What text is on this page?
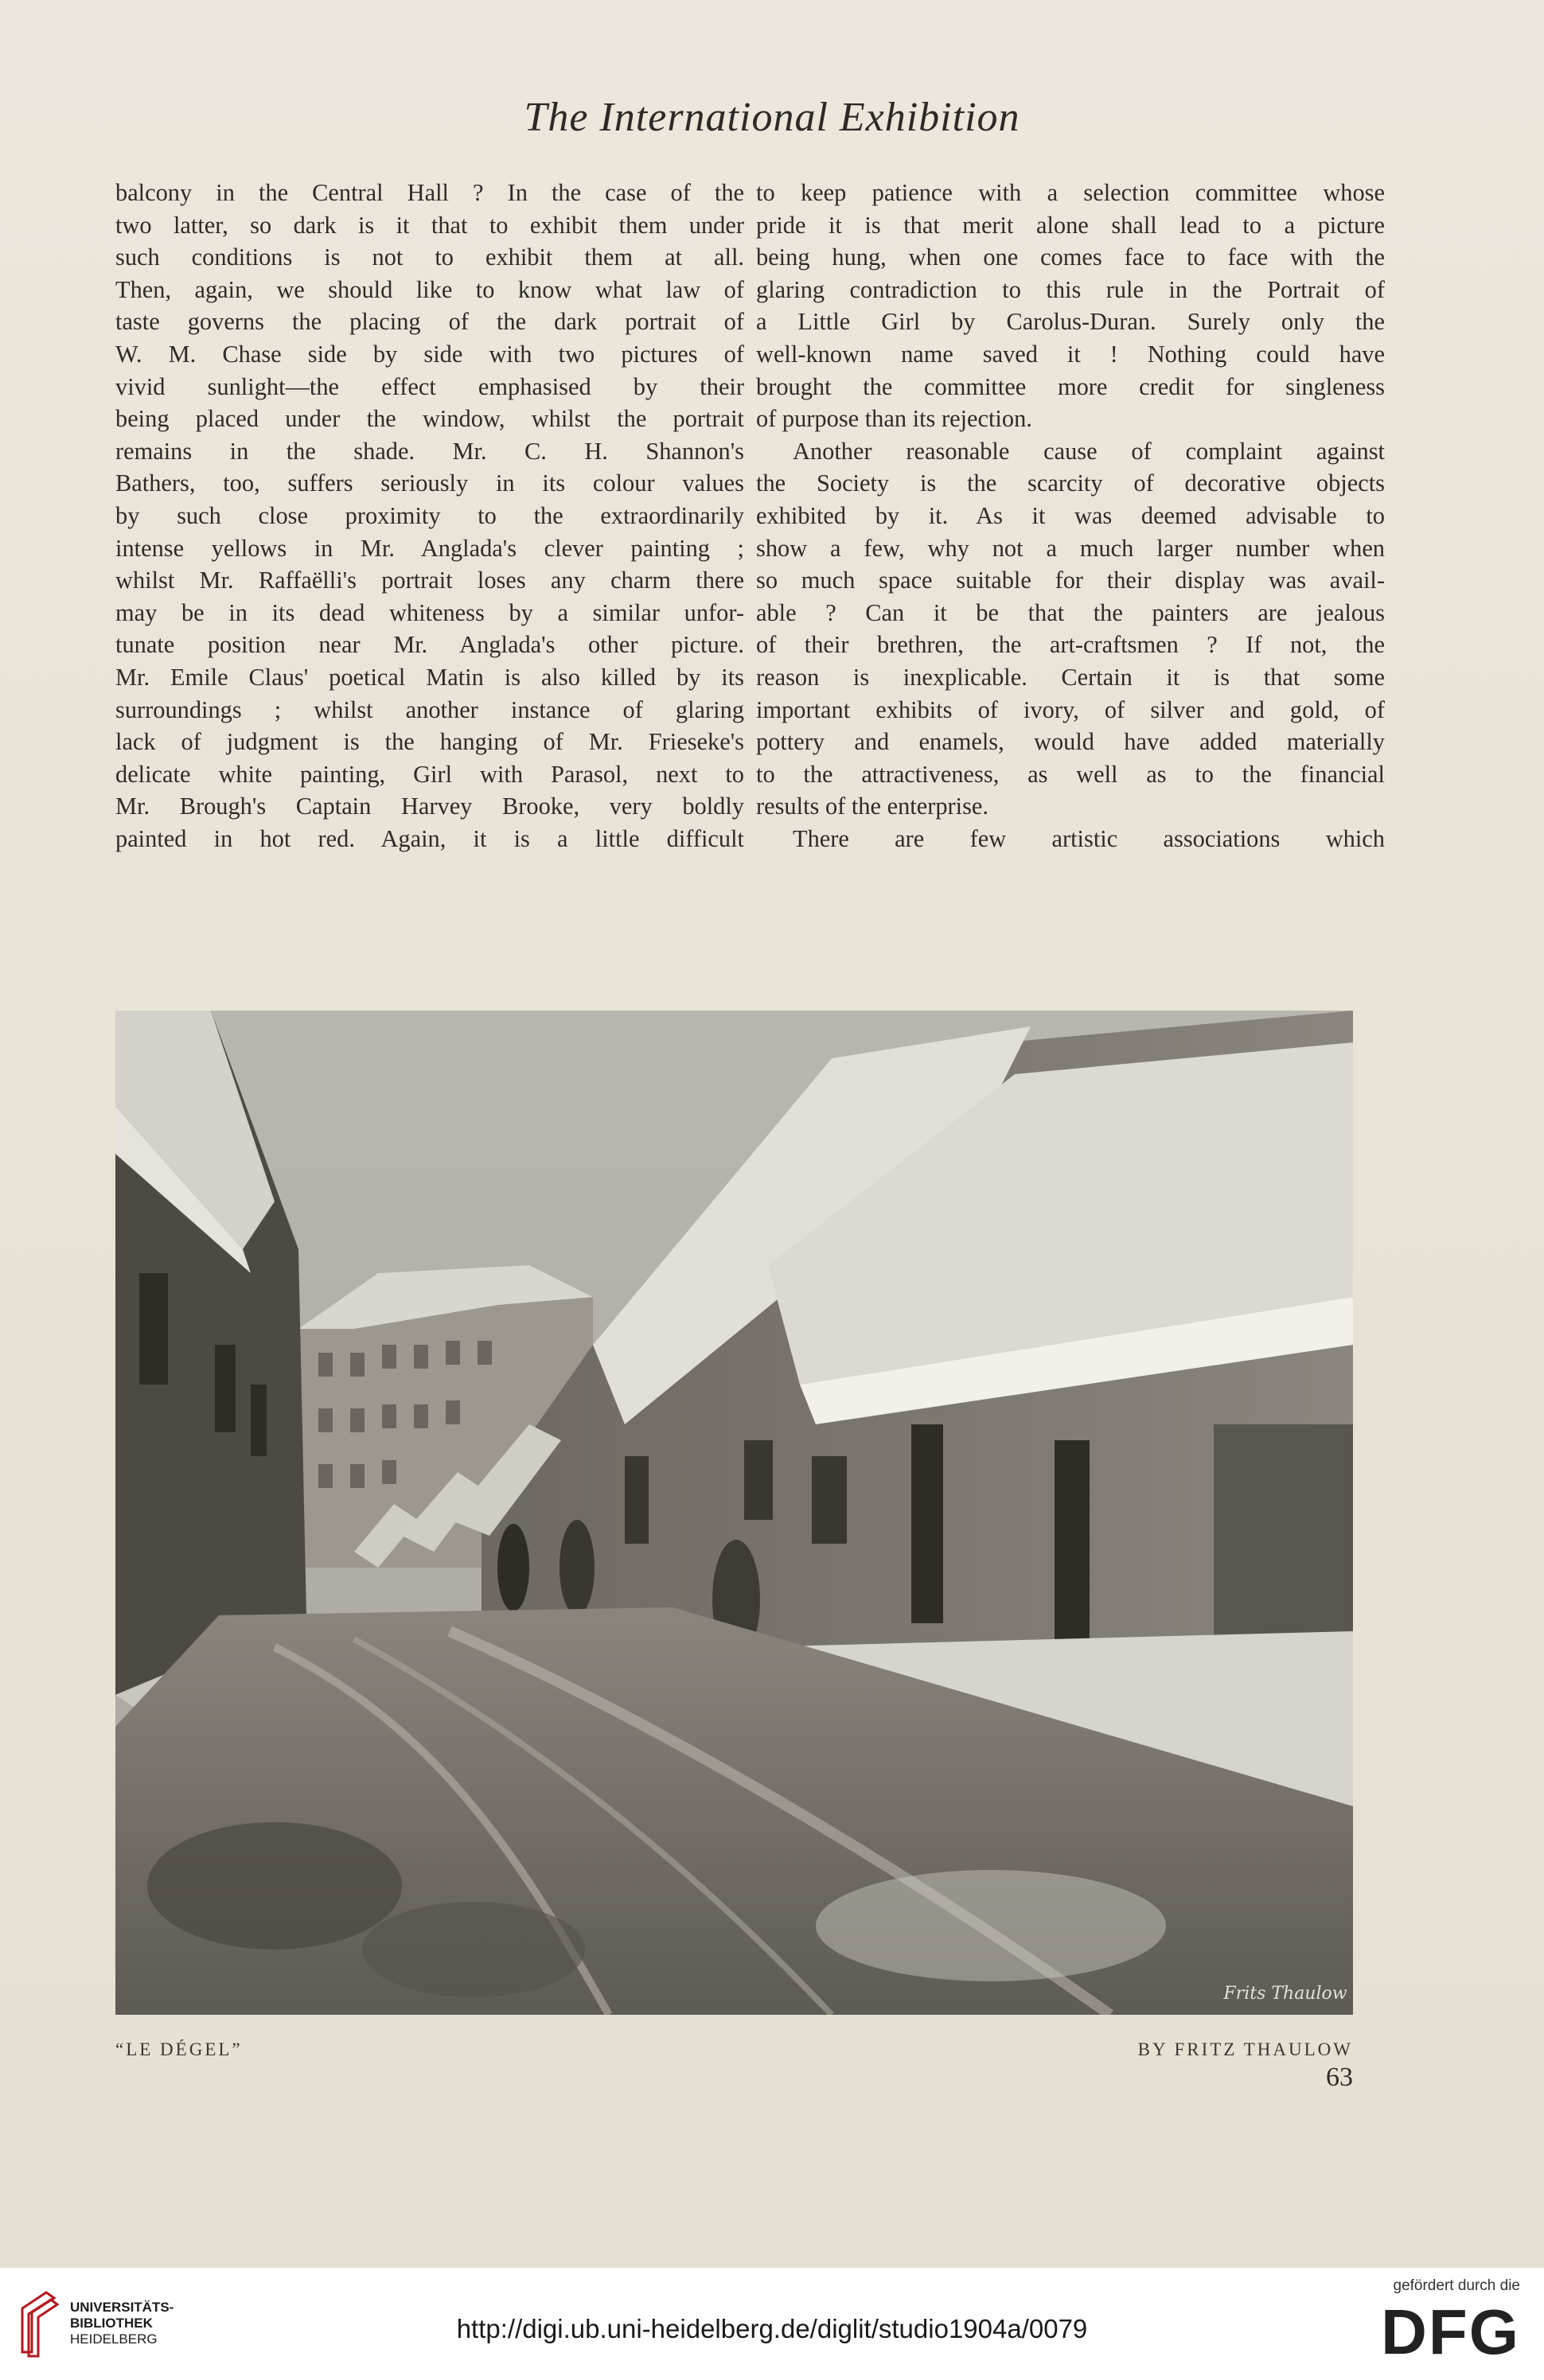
The International Exhibition
balcony in the Central Hall ? In the case of the
two latter, so dark is it that to exhibit them under
such conditions is not to exhibit them at all.
Then, again, we should like to know what law of
taste governs the placing of the dark portrait of
W. M. Chase side by side with two pictures of
vivid sunlight—the effect emphasised by their
being placed under the window, whilst the portrait
remains in the shade. Mr. C. H. Shannon's
Bathers, too, suffers seriously in its colour values
by such close proximity to the extraordinarily
intense yellows in Mr. Anglada's clever painting ;
whilst Mr. Raffaëlli's portrait loses any charm there
may be in its dead whiteness by a similar unfor-
tunate position near Mr. Anglada's other picture.
Mr. Emile Claus' poetical Matin is also killed by its
surroundings ; whilst another instance of glaring
lack of judgment is the hanging of Mr. Frieseke's
delicate white painting, Girl with Parasol, next to
Mr. Brough's Captain Harvey Brooke, very boldly
painted in hot red. Again, it is a little difficult
to keep patience with a selection committee whose
pride it is that merit alone shall lead to a picture
being hung, when one comes face to face with the
glaring contradiction to this rule in the Portrait of
a Little Girl by Carolus-Duran. Surely only the
well-known name saved it ! Nothing could have
brought the committee more credit for singleness
of purpose than its rejection.
Another reasonable cause of complaint against
the Society is the scarcity of decorative objects
exhibited by it. As it was deemed advisable to
show a few, why not a much larger number when
so much space suitable for their display was avail-
able ? Can it be that the painters are jealous
of their brethren, the art-craftsmen ? If not, the
reason is inexplicable. Certain it is that some
important exhibits of ivory, of silver and gold, of
pottery and enamels, would have added materially
to the attractiveness, as well as to the financial
results of the enterprise.
There are few artistic associations which
Frits Thaulow
“LE DÉGEL”	BY FRITZ THAULOW
63
UNIVERSITÄTS-
BIBLIOTHEK
HEIDELBERG	http://digi.ub.uni-heidelberg.de/diglit/studio1904a/0079
gefördert durch die
DFG
